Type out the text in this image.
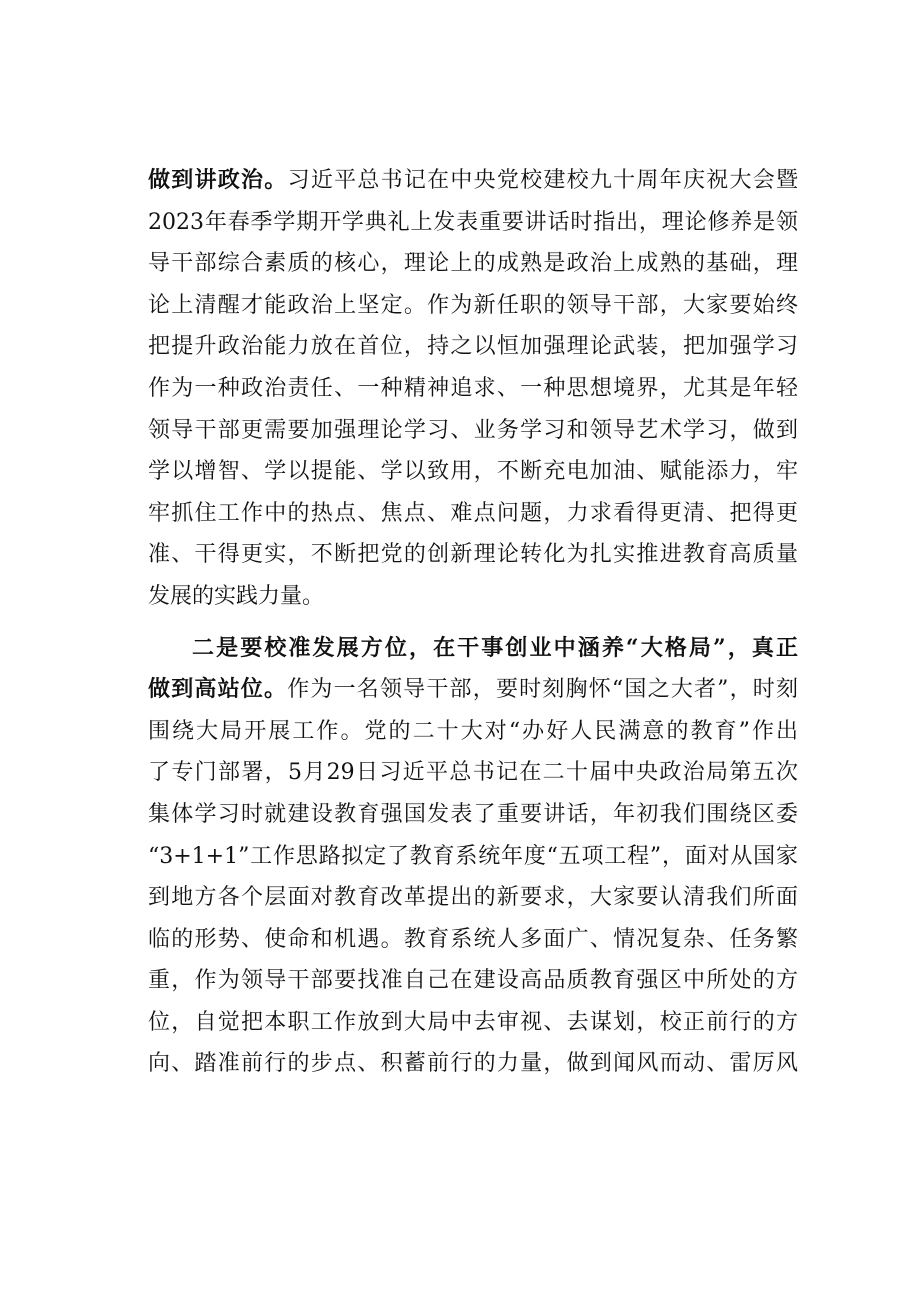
做到讲政治。习近平总书记在中央党校建校九十周年庆祝大会暨
2023年春季学期开学典礼上发表重要讲话时指出，理论修养是领
导干部综合素质的核心，理论上的成熟是政治上成熟的基础，理
论上清醒才能政治上坚定。作为新任职的领导干部，大家要始终
把提升政治能力放在首位，持之以恒加强理论武装，把加强学习
作为一种政治责任、一种精神追求、一种思想境界，尤其是年轻
领导干部更需要加强理论学习、业务学习和领导艺术学习，做到
学以增智、学以提能、学以致用，不断充电加油、赋能添力，牢
牢抓住工作中的热点、焦点、难点问题，力求看得更清、把得更
准、干得更实，不断把党的创新理论转化为扎实推进教育高质量
发展的实践力量。
二是要校准发展方位，在干事创业中涵养“大格局”，真正
做到高站位。作为一名领导干部，要时刻胸怀“国之大者”，时刻
围绕大局开展工作。党的二十大对“办好人民满意的教育”作出
了专门部署，5月29日习近平总书记在二十届中央政治局第五次
集体学习时就建设教育强国发表了重要讲话，年初我们围绕区委
“3+1+1”工作思路拟定了教育系统年度“五项工程”，面对从国家
到地方各个层面对教育改革提出的新要求，大家要认清我们所面
临的形势、使命和机遇。教育系统人多面广、情况复杂、任务繁
重，作为领导干部要找准自己在建设高品质教育强区中所处的方
位，自觉把本职工作放到大局中去审视、去谋划，校正前行的方
向、踏准前行的步点、积蓄前行的力量，做到闻风而动、雷厉风
